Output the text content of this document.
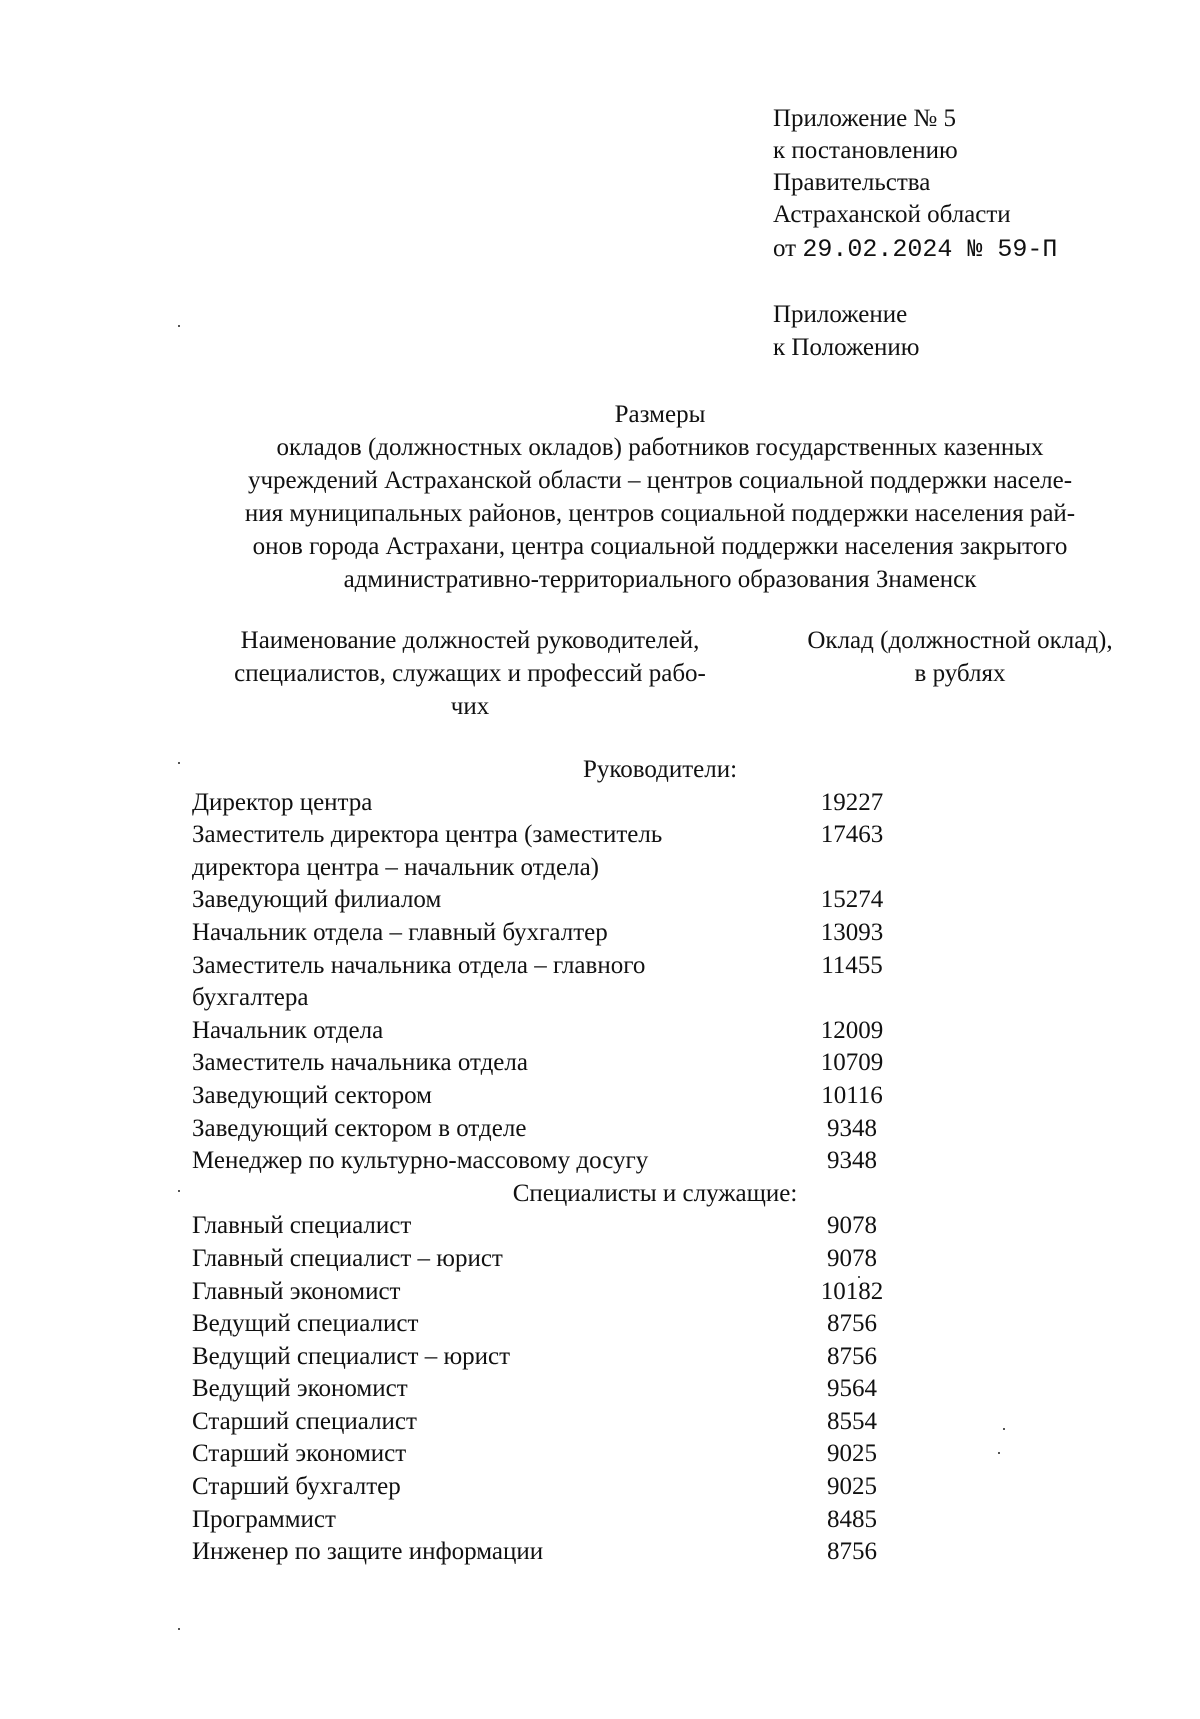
Приложение № 5
к постановлению
Правительства
Астраханской области
от 29.02.2024 № 59-П
Приложение
к Положению
Размеры
окладов (должностных окладов) работников государственных казенных
учреждений Астраханской области – центров социальной поддержки населе-
ния муниципальных районов, центров социальной поддержки населения рай-
онов города Астрахани, центра социальной поддержки населения закрытого
административно-территориального образования Знаменск
Наименование должностей руководителей,
специалистов, служащих и профессий рабо-
чих
Оклад (должностной оклад),
в рублях
Руководители:
Директор центра	19227
Заместитель директора центра (заместитель
директора центра – начальник отдела)
17463
Заведующий филиалом	15274
Начальник отдела – главный бухгалтер	13093
Заместитель начальника отдела – главного
бухгалтера
11455
Начальник отдела	12009
Заместитель начальника отдела	10709
Заведующий сектором	10116
Заведующий сектором в отделе	9348
Менеджер по культурно-массовому досугу	9348
Специалисты и служащие:
Главный специалист	9078
Главный специалист – юрист	9078
Главный экономист	10182
Ведущий специалист	8756
Ведущий специалист – юрист	8756
Ведущий экономист	9564
Старший специалист	8554
Старший экономист	9025
Старший бухгалтер	9025
Программист	8485
Инженер по защите информации	8756
